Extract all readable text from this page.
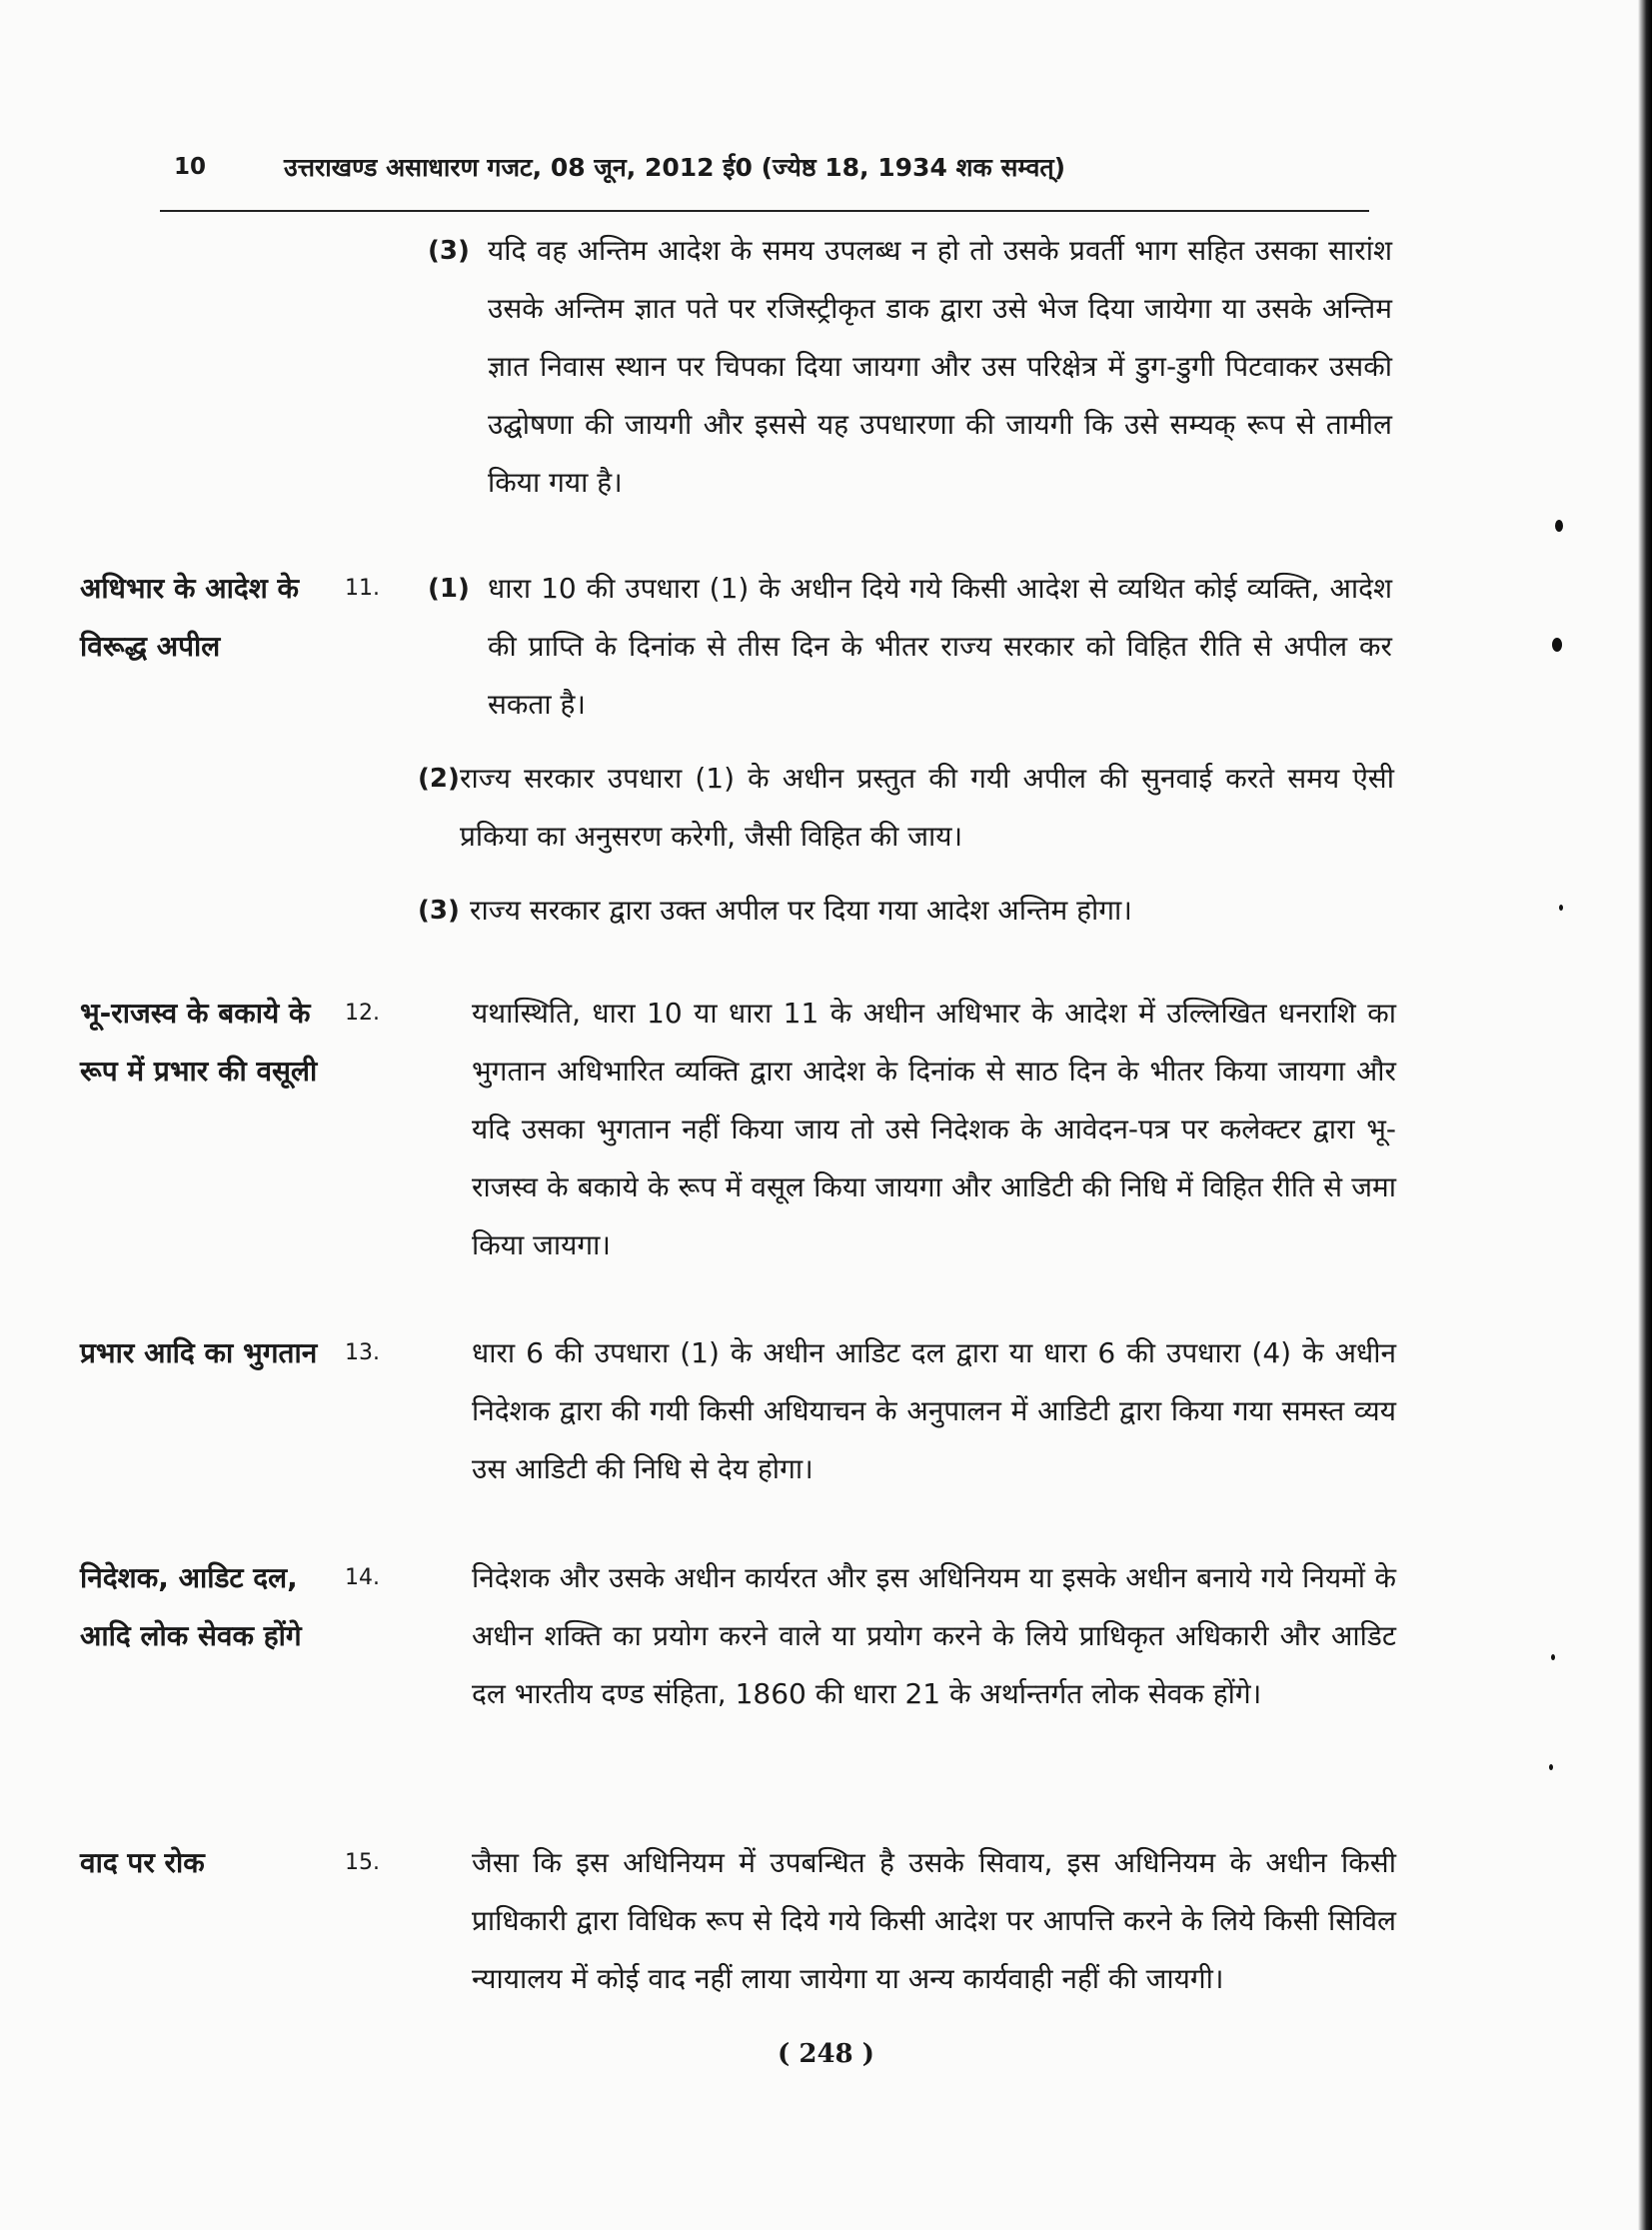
10	उत्तराखण्ड असाधारण गजट, 08 जून, 2012 ई0 (ज्येष्ठ 18, 1934 शक सम्वत्)
(3) यदि वह अन्तिम आदेश के समय उपलब्ध न हो तो उसके प्रवर्ती भाग सहित उसका सारांश उसके अन्तिम ज्ञात पते पर रजिस्ट्रीकृत डाक द्वारा उसे भेज दिया जायेगा या उसके अन्तिम ज्ञात निवास स्थान पर चिपका दिया जायगा और उस परिक्षेत्र में डुग-डुगी पिटवाकर उसकी उद्घोषणा की जायगी और इससे यह उपधारणा की जायगी कि उसे सम्यक् रूप से तामील किया गया है।
अधिभार के आदेश के विरूद्ध अपील
11. (1) धारा 10 की उपधारा (1) के अधीन दिये गये किसी आदेश से व्यथित कोई व्यक्ति, आदेश की प्राप्ति के दिनांक से तीस दिन के भीतर राज्य सरकार को विहित रीति से अपील कर सकता है।
(2) राज्य सरकार उपधारा (1) के अधीन प्रस्तुत की गयी अपील की सुनवाई करते समय ऐसी प्रकिया का अनुसरण करेगी, जैसी विहित की जाय।
(3) राज्य सरकार द्वारा उक्त अपील पर दिया गया आदेश अन्तिम होगा।
भू-राजस्व के बकाये के रूप में प्रभार की वसूली
12.	यथास्थिति, धारा 10 या धारा 11 के अधीन अधिभार के आदेश में उल्लिखित धनराशि का भुगतान अधिभारित व्यक्ति द्वारा आदेश के दिनांक से साठ दिन के भीतर किया जायगा और यदि उसका भुगतान नहीं किया जाय तो उसे निदेशक के आवेदन-पत्र पर कलेक्टर द्वारा भू-राजस्व के बकाये के रूप में वसूल किया जायगा और आडिटी की निधि में विहित रीति से जमा किया जायगा।
प्रभार आदि का भुगतान 13.	धारा 6 की उपधारा (1) के अधीन आडिट दल द्वारा या धारा 6 की उपधारा (4) के अधीन निदेशक द्वारा की गयी किसी अधियाचन के अनुपालन में आडिटी द्वारा किया गया समस्त व्यय उस आडिटी की निधि से देय होगा।
निदेशक, आडिट दल, आदि लोक सेवक होंगे
14.	निदेशक और उसके अधीन कार्यरत और इस अधिनियम या इसके अधीन बनाये गये नियमों के अधीन शक्ति का प्रयोग करने वाले या प्रयोग करने के लिये प्राधिकृत अधिकारी और आडिट दल भारतीय दण्ड संहिता, 1860 की धारा 21 के अर्थान्तर्गत लोक सेवक होंगे।
वाद पर रोक	15.	जैसा कि इस अधिनियम में उपबन्धित है उसके सिवाय, इस अधिनियम के अधीन किसी प्राधिकारी द्वारा विधिक रूप से दिये गये किसी आदेश पर आपत्ति करने के लिये किसी सिविल न्यायालय में कोई वाद नहीं लाया जायेगा या अन्य कार्यवाही नहीं की जायगी।
( 248 )
